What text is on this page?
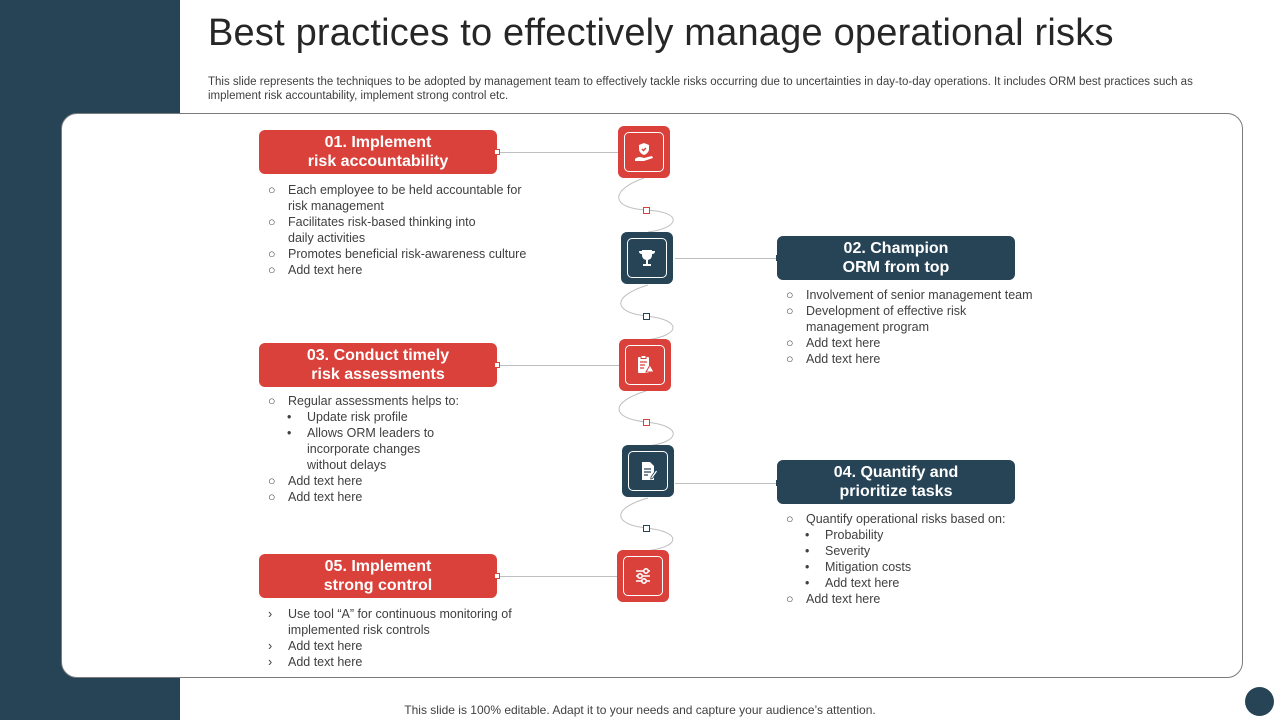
Best practices to effectively manage operational risks
This slide represents the techniques to be adopted by management team to effectively tackle risks occurring due to uncertainties in day-to-day operations. It includes ORM best practices such as implement risk accountability, implement strong control etc.
01. Implement
risk accountability
○ Each employee to be held accountable for
risk management
○ Facilitates risk-based thinking into
daily activities
○ Promotes beneficial risk-awareness culture
○ Add text here
02. Champion
ORM from top
○ Involvement of senior management team
○ Development of effective risk
management program
○ Add text here
○ Add text here
03. Conduct timely
risk assessments
○ Regular assessments helps to:
•	Update risk profile
•	Allows ORM leaders to
incorporate changes
without delays
○ Add text here
○ Add text here
04. Quantify and
prioritize tasks
○ Quantify operational risks based on:
•	Probability
•	Severity
•	Mitigation costs
•	Add text here
○ Add text here
05. Implement
strong control
›	Use tool “A” for continuous monitoring of
implemented risk controls
›	Add text here
›	Add text here
This slide is 100% editable. Adapt it to your needs and capture your audience’s attention.
